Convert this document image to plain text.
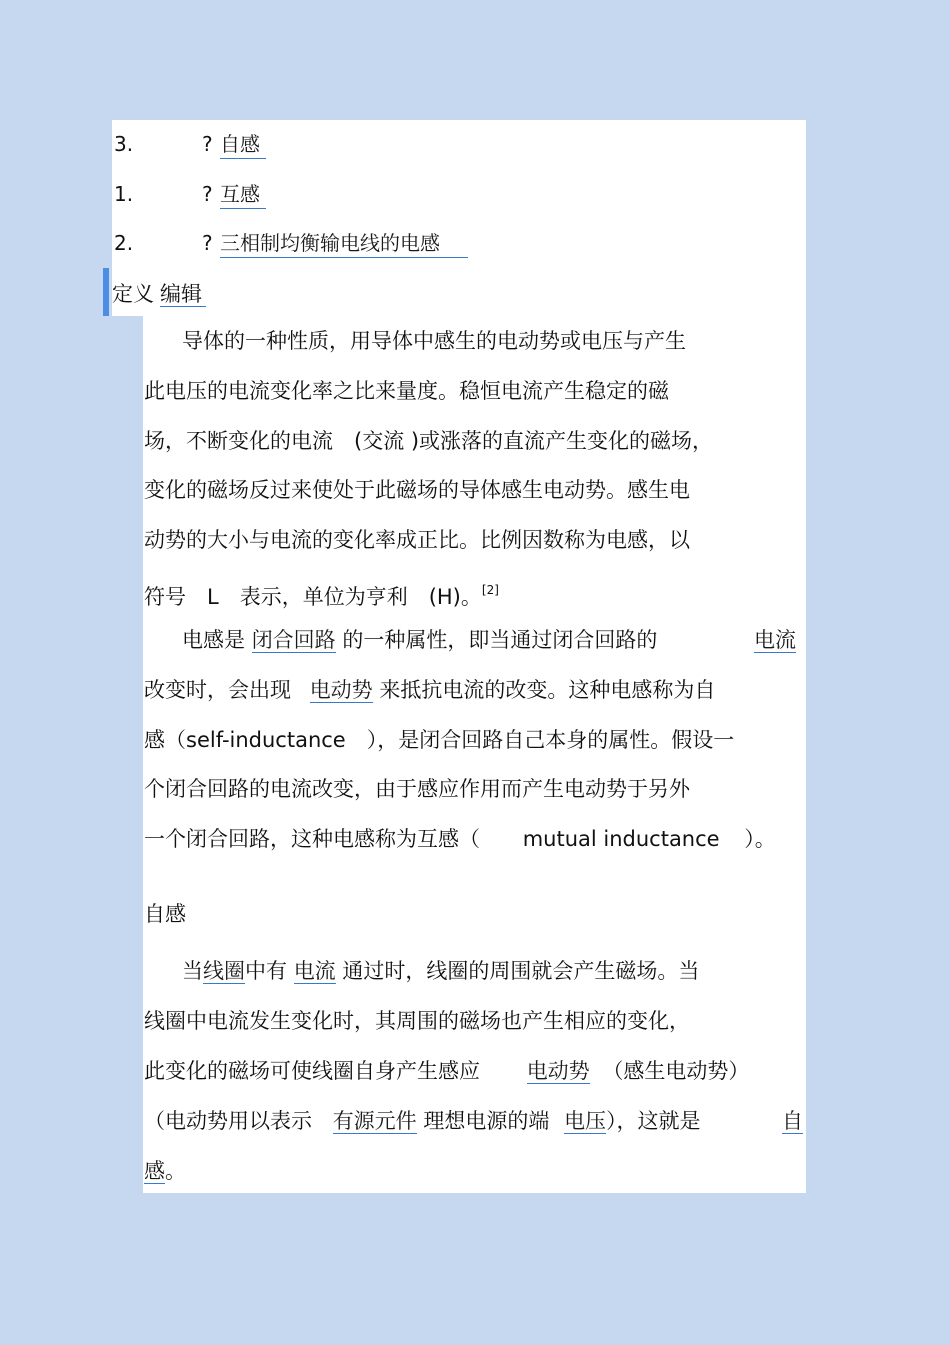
3.	? 自感
1.	? 互感
2.	? 三相制均衡输电线的电感
定义 编辑
导体的一种性质，用导体中感生的电动势或电压与产生
此电压的电流变化率之比来量度。稳恒电流产生稳定的磁
场，不断变化的电流　(交流 )或涨落的直流产生变化的磁场，
变化的磁场反过来使处于此磁场的导体感生电动势。感生电
动势的大小与电流的变化率成正比。比例因数称为电感，以
符号　L　表示，单位为亨利　(H)。[2]
电感是 闭合回路 的一种属性，即当通过闭合回路的	电流
改变时，会出现 电动势 来抵抗电流的改变。这种电感称为自
感（self-inductance　），是闭合回路自己本身的属性。假设一
个闭合回路的电流改变，由于感应作用而产生电动势于另外
一个闭合回路，这种电感称为互感（ mutual inductance ）。
自感
当线圈中有 电流 通过时，线圈的周围就会产生磁场。当
线圈中电流发生变化时，其周围的磁场也产生相应的变化，
此变化的磁场可使线圈自身产生感应 电动势 （感生电动势）
（电动势用以表示 有源元件 理想电源的端 电压），这就是	自
感。
